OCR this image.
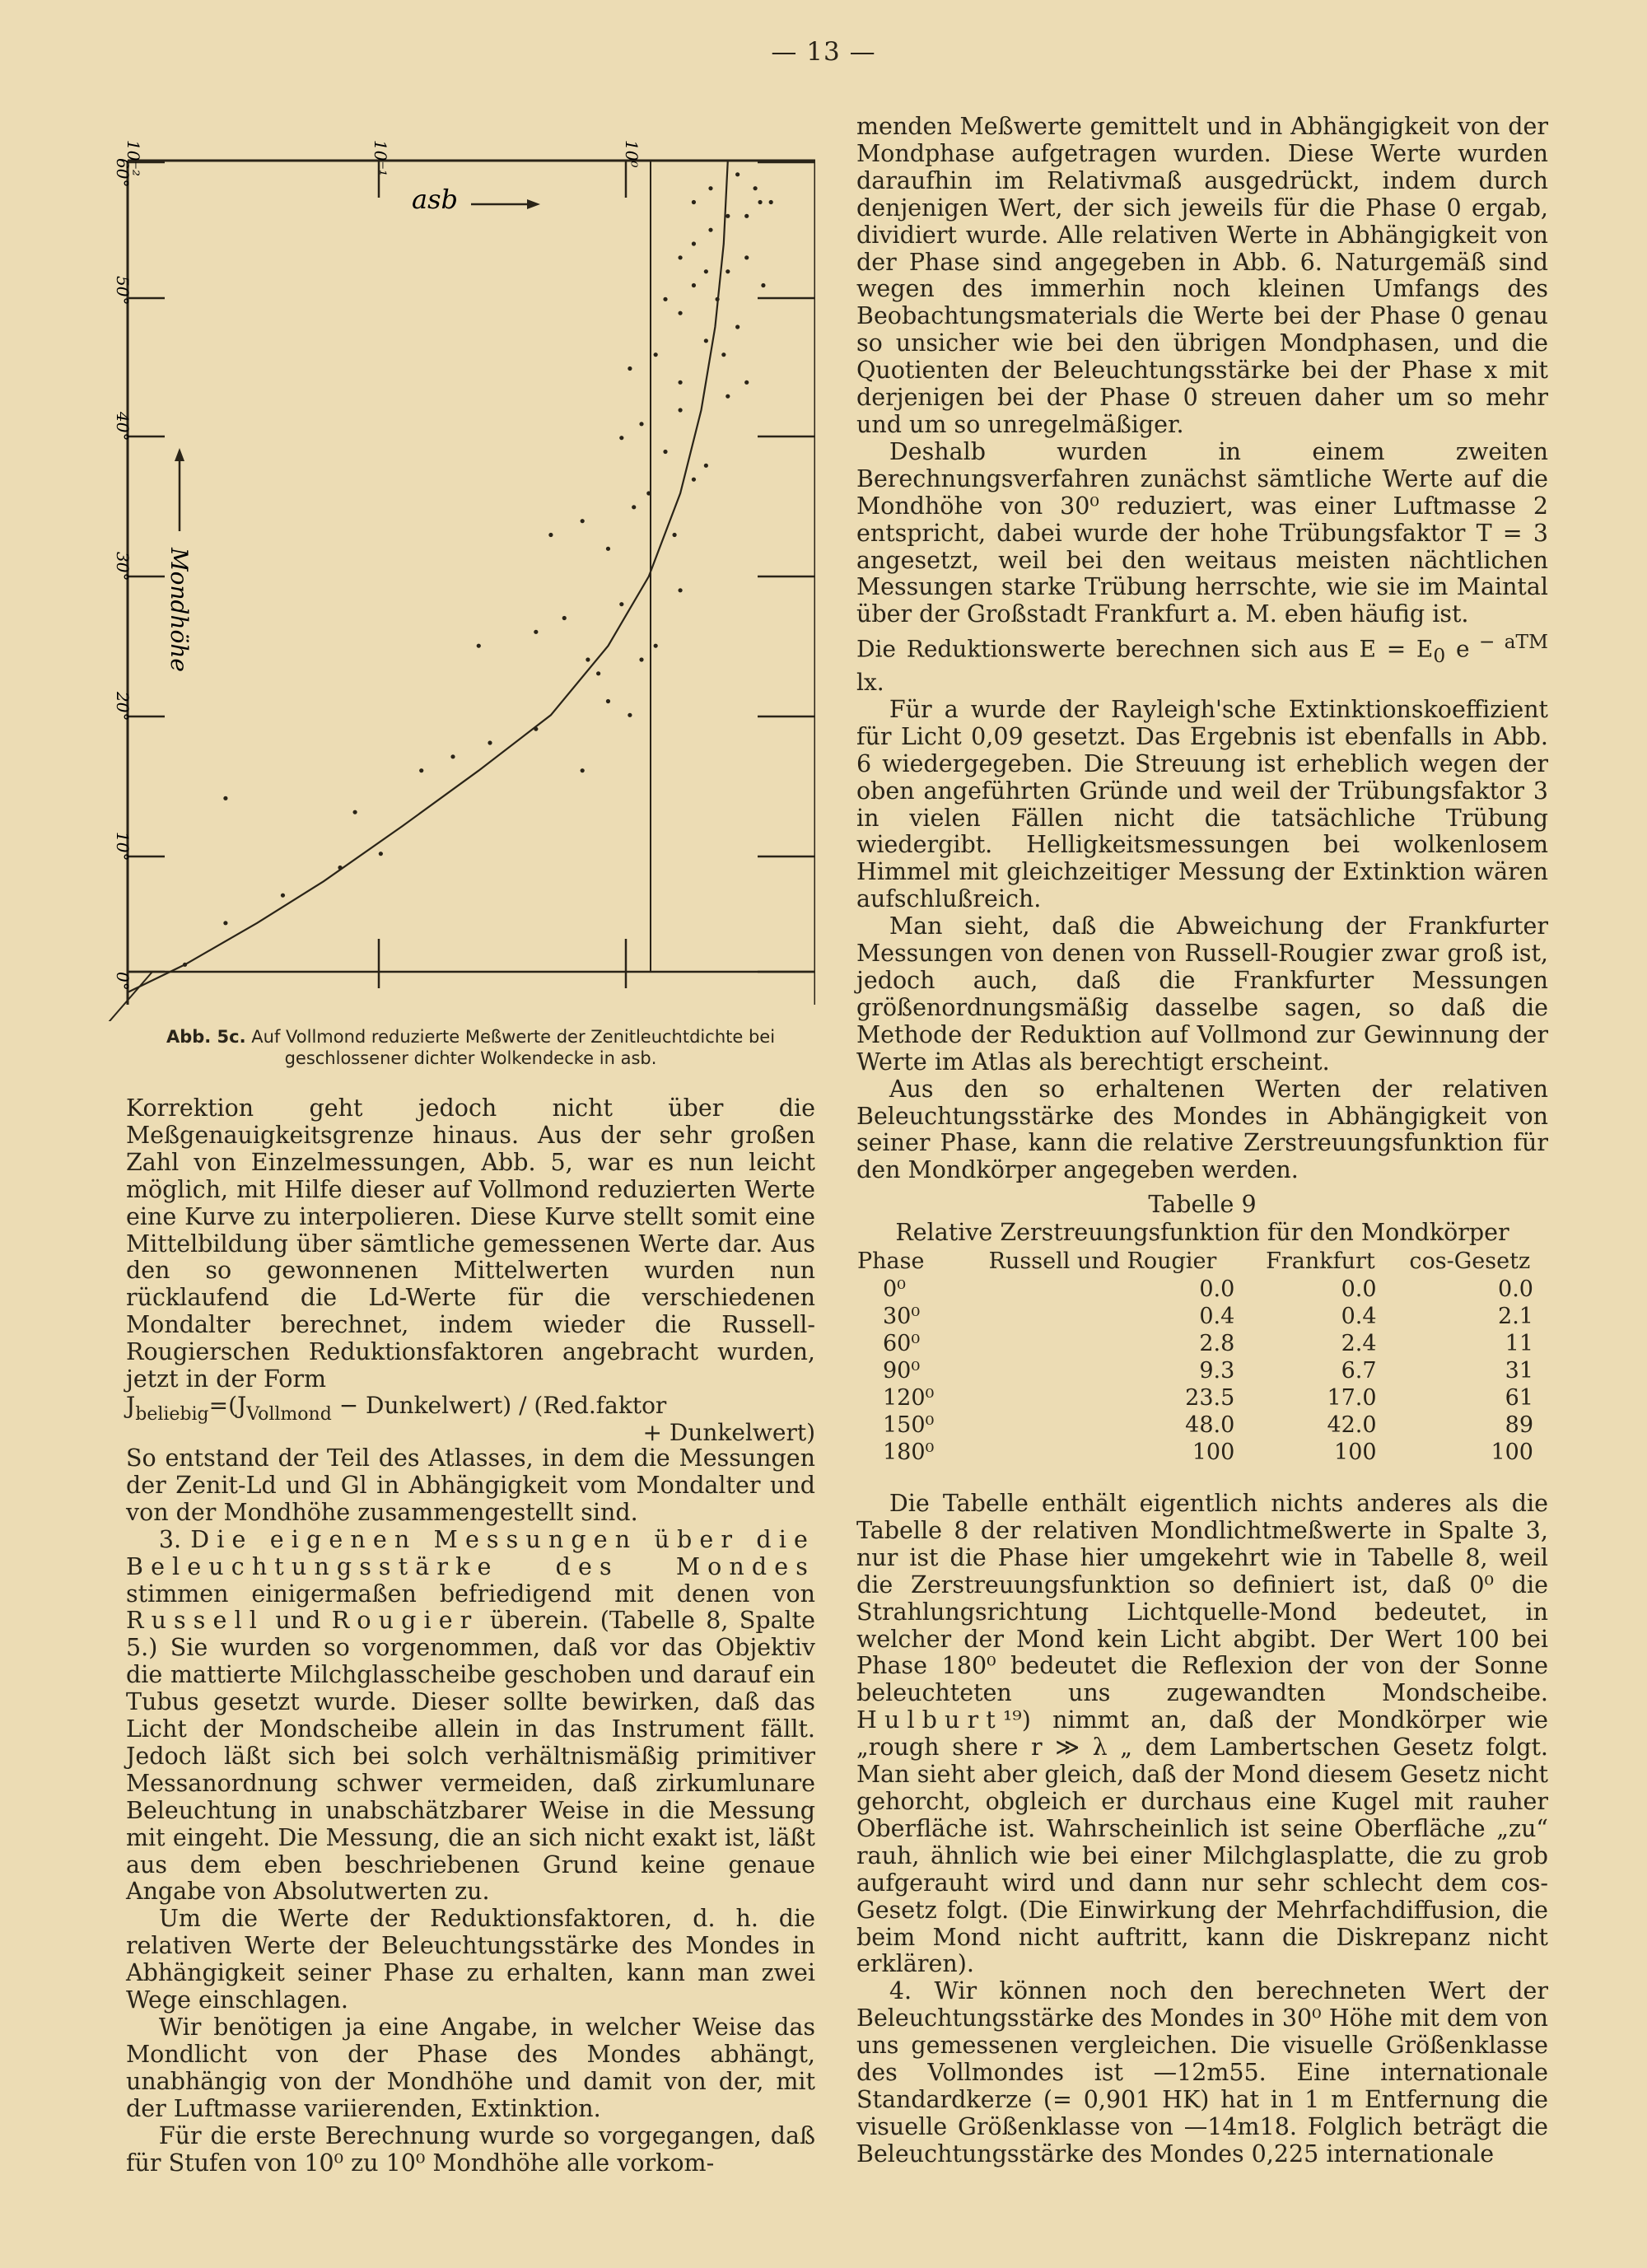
— 13 —
10⁻²	10⁻¹	10⁰
0°
10°
20°
30°
40°
50°
60°
asb
Mondhöhe
Abb. 5c. Auf Vollmond reduzierte Meßwerte der Zenitleuchtdichte bei geschlossener dichter Wolkendecke in asb.

Korrektion geht jedoch nicht über die Meßgenauigkeitsgrenze hinaus. Aus der sehr großen Zahl von Einzelmessungen, Abb. 5, war es nun leicht möglich, mit Hilfe dieser auf Vollmond reduzierten Werte eine Kurve zu interpolieren. Diese Kurve stellt somit eine Mittelbildung über sämtliche gemessenen Werte dar. Aus den so gewonnenen Mittelwerten wurden nun rücklaufend die Ld-Werte für die verschiedenen Mondalter berechnet, indem wieder die Russell-Rougierschen Reduktionsfaktoren angebracht wurden, jetzt in der Form

$J_{beliebig}=(J_{Vollmond}$ − Dunkelwert) / (Red.faktor
+ Dunkelwert)

So entstand der Teil des Atlasses, in dem die Messungen der Zenit-Ld und Gl in Abhängigkeit vom Mondalter und von der Mondhöhe zusammengestellt sind.

3. Die eigenen Messungen über die Beleuchtungsstärke des Mondes stimmen einigermaßen befriedigend mit denen von Russell und Rougier überein. (Tabelle 8, Spalte 5.) Sie wurden so vorgenommen, daß vor das Objektiv die mattierte Milchglasscheibe geschoben und darauf ein Tubus gesetzt wurde. Dieser sollte bewirken, daß das Licht der Mondscheibe allein in das Instrument fällt. Jedoch läßt sich bei solch verhältnismäßig primitiver Messanordnung schwer vermeiden, daß zirkumlunare Beleuchtung in unabschätzbarer Weise in die Messung mit eingeht. Die Messung, die an sich nicht exakt ist, läßt aus dem eben beschriebenen Grund keine genaue Angabe von Absolutwerten zu.

Um die Werte der Reduktionsfaktoren, d. h. die relativen Werte der Beleuchtungsstärke des Mondes in Abhängigkeit seiner Phase zu erhalten, kann man zwei Wege einschlagen.

Wir benötigen ja eine Angabe, in welcher Weise das Mondlicht von der Phase des Mondes abhängt, unabhängig von der Mondhöhe und damit von der, mit der Luftmasse variierenden, Extinktion.

Für die erste Berechnung wurde so vorgegangen, daß für Stufen von 10⁰ zu 10⁰ Mondhöhe alle vorkom-

menden Meßwerte gemittelt und in Abhängigkeit von der Mondphase aufgetragen wurden. Diese Werte wurden daraufhin im Relativmaß ausgedrückt, indem durch denjenigen Wert, der sich jeweils für die Phase 0 ergab, dividiert wurde. Alle relativen Werte in Abhängigkeit von der Phase sind angegeben in Abb. 6. Naturgemäß sind wegen des immerhin noch kleinen Umfangs des Beobachtungsmaterials die Werte bei der Phase 0 genau so unsicher wie bei den übrigen Mondphasen, und die Quotienten der Beleuchtungsstärke bei der Phase x mit derjenigen bei der Phase 0 streuen daher um so mehr und um so unregelmäßiger.

Deshalb wurden in einem zweiten Berechnungsverfahren zunächst sämtliche Werte auf die Mondhöhe von 30⁰ reduziert, was einer Luftmasse 2 entspricht, dabei wurde der hohe Trübungsfaktor T = 3 angesetzt, weil bei den weitaus meisten nächtlichen Messungen starke Trübung herrschte, wie sie im Maintal über der Großstadt Frankfurt a. M. eben häufig ist.

Die Reduktionswerte berechnen sich aus $E = E_0$ e $^{- aTM}$ lx.

Für a wurde der Rayleigh'sche Extinktionskoeffizient für Licht 0,09 gesetzt. Das Ergebnis ist ebenfalls in Abb. 6 wiedergegeben. Die Streuung ist erheblich wegen der oben angeführten Gründe und weil der Trübungsfaktor 3 in vielen Fällen nicht die tatsächliche Trübung wiedergibt. Helligkeitsmessungen bei wolkenlosem Himmel mit gleichzeitiger Messung der Extinktion wären aufschlußreich.

Man sieht, daß die Abweichung der Frankfurter Messungen von denen von Russell-Rougier zwar groß ist, jedoch auch, daß die Frankfurter Messungen größenordnungsmäßig dasselbe sagen, so daß die Methode der Reduktion auf Vollmond zur Gewinnung der Werte im Atlas als berechtigt erscheint.

Aus den so erhaltenen Werten der relativen Beleuchtungsstärke des Mondes in Abhängigkeit von seiner Phase, kann die relative Zerstreuungsfunktion für den Mondkörper angegeben werden.

Tabelle 9
Relative Zerstreuungsfunktion für den Mondkörper
Phase	Russell und Rougier	Frankfurt	cos-Gesetz
0⁰	0.0	0.0	0.0
30⁰	0.4	0.4	2.1
60⁰	2.8	2.4	11
90⁰	9.3	6.7	31
120⁰	23.5	17.0	61
150⁰	48.0	42.0	89
180⁰	100	100	100

Die Tabelle enthält eigentlich nichts anderes als die Tabelle 8 der relativen Mondlichtmeßwerte in Spalte 3, nur ist die Phase hier umgekehrt wie in Tabelle 8, weil die Zerstreuungsfunktion so definiert ist, daß 0⁰ die Strahlungsrichtung Lichtquelle-Mond bedeutet, in welcher der Mond kein Licht abgibt. Der Wert 100 bei Phase 180⁰ bedeutet die Reflexion der von der Sonne beleuchteten uns zugewandten Mondscheibe. Hulburt¹⁹) nimmt an, daß der Mondkörper wie „rough shere r ≫ λ „ dem Lambertschen Gesetz folgt. Man sieht aber gleich, daß der Mond diesem Gesetz nicht gehorcht, obgleich er durchaus eine Kugel mit rauher Oberfläche ist. Wahrscheinlich ist seine Oberfläche „zu“ rauh, ähnlich wie bei einer Milchglasplatte, die zu grob aufgerauht wird und dann nur sehr schlecht dem cos-Gesetz folgt. (Die Einwirkung der Mehrfachdiffusion, die beim Mond nicht auftritt, kann die Diskrepanz nicht erklären).

4. Wir können noch den berechneten Wert der Beleuchtungsstärke des Mondes in 30⁰ Höhe mit dem von uns gemessenen vergleichen. Die visuelle Größenklasse des Vollmondes ist —12m55. Eine internationale Standardkerze (= 0,901 HK) hat in 1 m Entfernung die visuelle Größenklasse von —14m18. Folglich beträgt die Beleuchtungsstärke des Mondes 0,225 internationale
